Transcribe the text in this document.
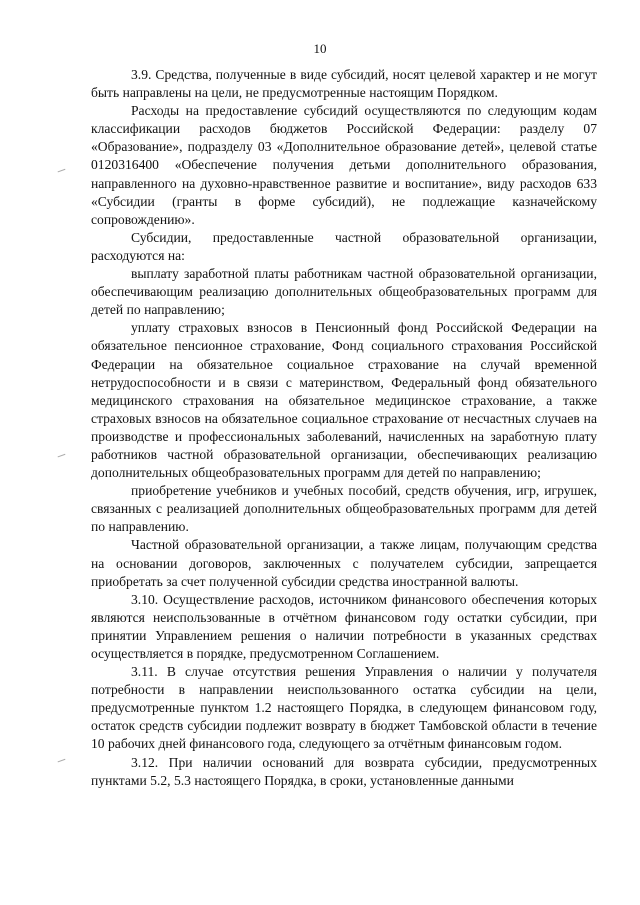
10

3.9. Средства, полученные в виде субсидий, носят целевой характер и не могут быть направлены на цели, не предусмотренные настоящим Порядком.

Расходы на предоставление субсидий осуществляются по следующим кодам классификации расходов бюджетов Российской Федерации: разделу 07 «Образование», подразделу 03 «Дополнительное образование детей», целевой статье 0120316400 «Обеспечение получения детьми дополнительного образования, направленного на духовно-нравственное развитие и воспитание», виду расходов 633 «Субсидии (гранты в форме субсидий), не подлежащие казначейскому сопровождению».

Субсидии, предоставленные частной образовательной организации, расходуются на:

выплату заработной платы работникам частной образовательной организации, обеспечивающим реализацию дополнительных общеобразовательных программ для детей по направлению;

уплату страховых взносов в Пенсионный фонд Российской Федерации на обязательное пенсионное страхование, Фонд социального страхования Российской Федерации на обязательное социальное страхование на случай временной нетрудоспособности и в связи с материнством, Федеральный фонд обязательного медицинского страхования на обязательное медицинское страхование, а также страховых взносов на обязательное социальное страхование от несчастных случаев на производстве и профессиональных заболеваний, начисленных на заработную плату работников частной образовательной организации, обеспечивающих реализацию дополнительных общеобразовательных программ для детей по направлению;

приобретение учебников и учебных пособий, средств обучения, игр, игрушек, связанных с реализацией дополнительных общеобразовательных программ для детей по направлению.

Частной образовательной организации, а также лицам, получающим средства на основании договоров, заключенных с получателем субсидии, запрещается приобретать за счет полученной субсидии средства иностранной валюты.

3.10. Осуществление расходов, источником финансового обеспечения которых являются неиспользованные в отчётном финансовом году остатки субсидии, при принятии Управлением решения о наличии потребности в указанных средствах осуществляется в порядке, предусмотренном Соглашением.

3.11. В случае отсутствия решения Управления о наличии у получателя потребности в направлении неиспользованного остатка субсидии на цели, предусмотренные пунктом 1.2 настоящего Порядка, в следующем финансовом году, остаток средств субсидии подлежит возврату в бюджет Тамбовской области в течение 10 рабочих дней финансового года, следующего за отчётным финансовым годом.

3.12. При наличии оснований для возврата субсидии, предусмотренных пунктами 5.2, 5.3 настоящего Порядка, в сроки, установленные данными
